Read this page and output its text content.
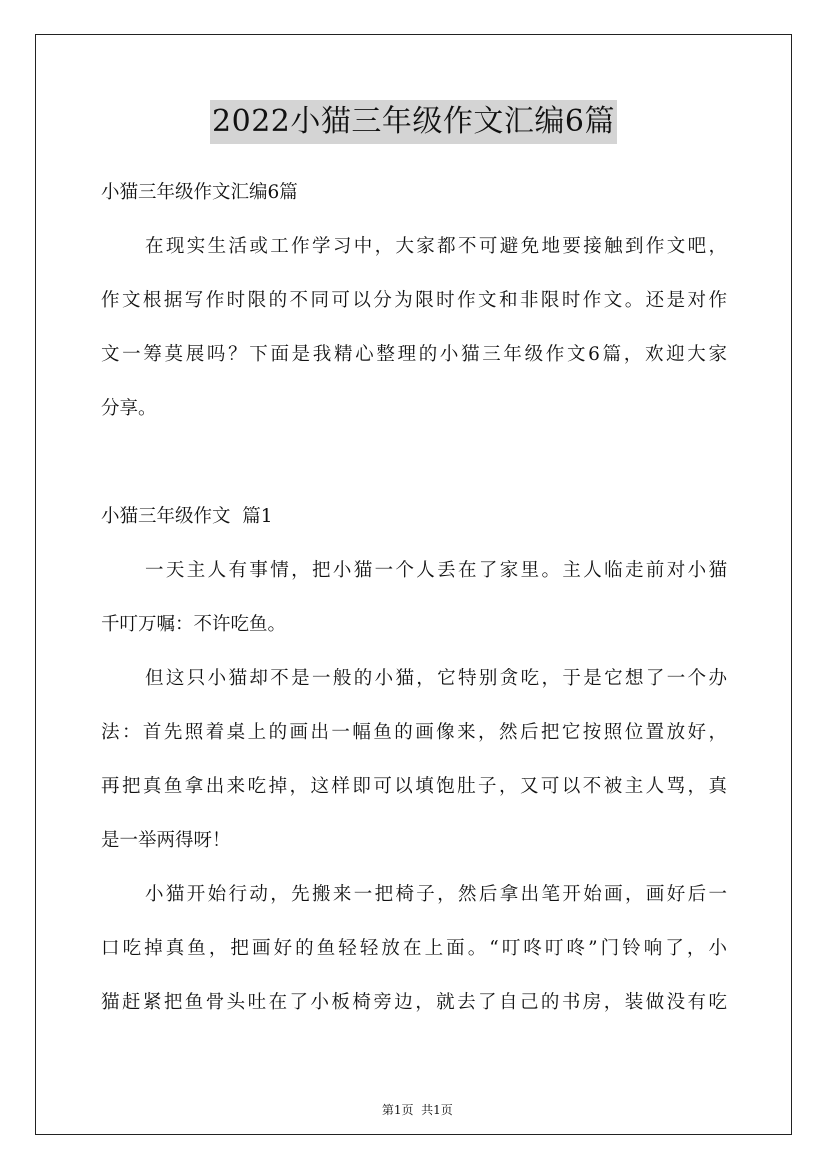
2022小猫三年级作文汇编6篇
小猫三年级作文汇编6篇
在现实生活或工作学习中，大家都不可避免地要接触到作文吧，
作文根据写作时限的不同可以分为限时作文和非限时作文。还是对作
文一筹莫展吗？下面是我精心整理的小猫三年级作文6篇，欢迎大家
分享。
小猫三年级作文  篇1
一天主人有事情，把小猫一个人丢在了家里。主人临走前对小猫
千叮万嘱：不许吃鱼。
但这只小猫却不是一般的小猫，它特别贪吃，于是它想了一个办
法：首先照着桌上的画出一幅鱼的画像来，然后把它按照位置放好，
再把真鱼拿出来吃掉，这样即可以填饱肚子，又可以不被主人骂，真
是一举两得呀！
小猫开始行动，先搬来一把椅子，然后拿出笔开始画，画好后一
口吃掉真鱼，把画好的鱼轻轻放在上面。“叮咚叮咚”门铃响了，小
猫赶紧把鱼骨头吐在了小板椅旁边，就去了自己的书房，装做没有吃

第1页  共1页
